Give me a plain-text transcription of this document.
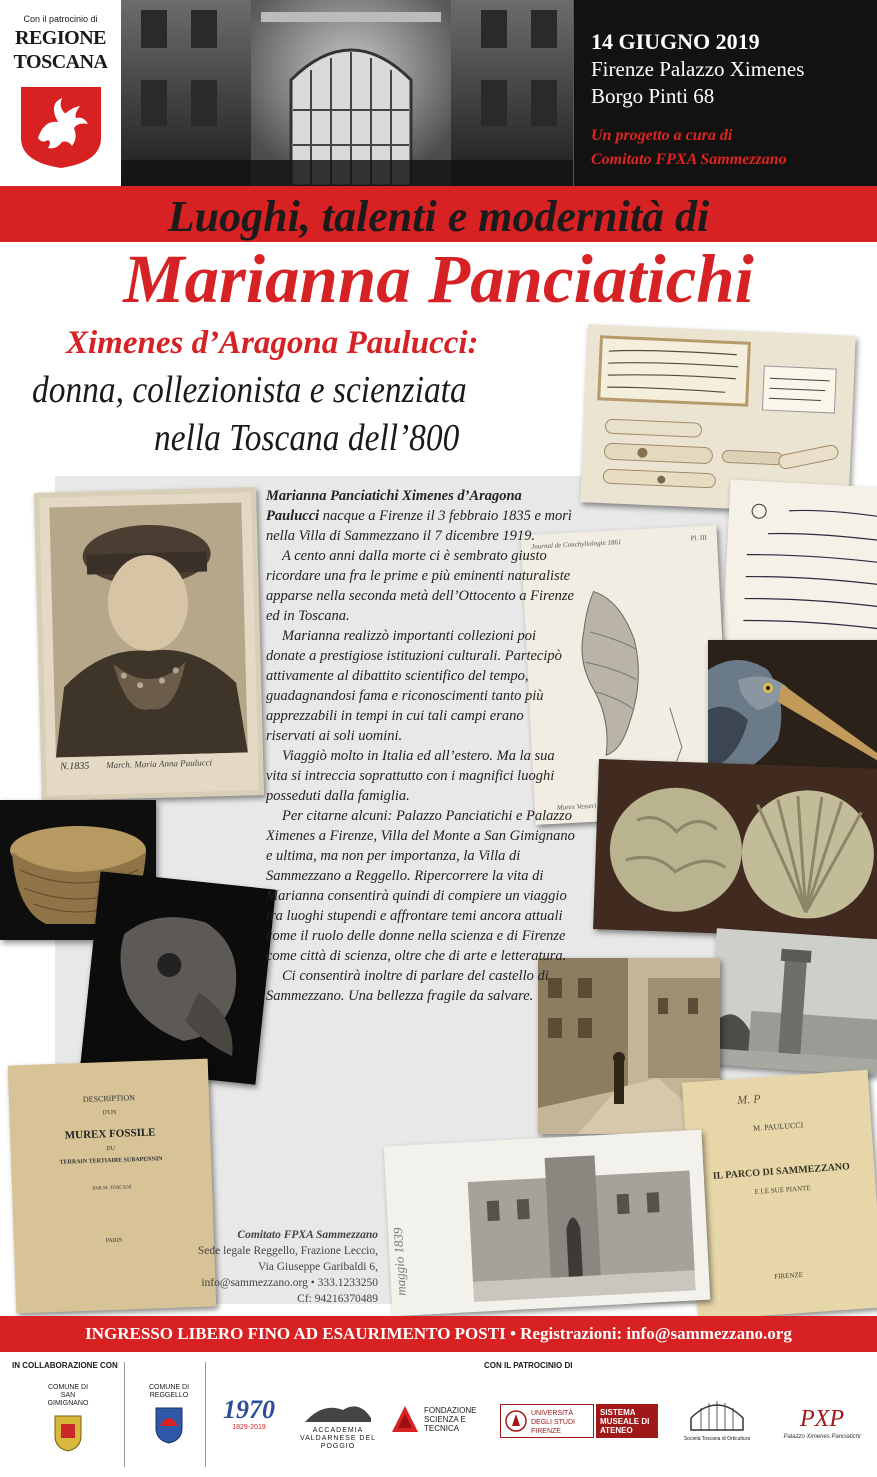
Con il patrocinio di
REGIONE
TOSCANA
14 GIUGNO 2019
Firenze Palazzo Ximenes
Borgo Pinti 68
Un progetto a cura di
Comitato FPXA Sammezzano
Luoghi, talenti e modernità di
Marianna Panciatichi
Ximenes d’Aragona Paulucci:
donna, collezionista e scienziata
nella Toscana dell’800
Journal de Conchyliologie 1861
Pl. III
Murex Vesseri
M. P
M. PAULUCCI
IL PARCO DI SAMMEZZANO
E LE SUE PIANTE
FIRENZE
maggio 1839
N.1835 March. Maria Anna Paulucci
DESCRIPTION
D'UN
MUREX FOSSILE
DU
TERRAIN TERTIAIRE SUBAPENNIN
PAR M. TOSCANI
PARIS

Marianna Panciatichi Ximenes d’Aragona Paulucci nacque a Firenze il 3 febbraio 1835 e morì nella Villa di Sammezzano il 7 dicembre 1919.

A cento anni dalla morte ci è sembrato giusto ricordare una fra le prime e più eminenti naturaliste apparse nella seconda metà dell’Ottocento a Firenze ed in Toscana.

Marianna realizzò importanti collezioni poi donate a prestigiose istituzioni culturali. Partecipò attivamente al dibattito scientifico del tempo, guadagnandosi fama e riconoscimenti tanto più apprezzabili in tempi in cui tali campi erano riservati ai soli uomini.

Viaggiò molto in Italia ed all’estero. Ma la sua vita si intreccia soprattutto con i magnifici luoghi posseduti dalla famiglia.

Per citarne alcuni: Palazzo Panciatichi e Palazzo Ximenes a Firenze, Villa del Monte a San Gimignano e ultima, ma non per importanza, la Villa di Sammezzano a Reggello. Ripercorrere la vita di Marianna consentirà quindi di compiere un viaggio tra luoghi stupendi e affrontare temi ancora attuali come il ruolo delle donne nella scienza e di Firenze come città di scienza, oltre che di arte e letteratura.

Ci consentirà inoltre di parlare del castello di Sammezzano. Una bellezza fragile da salvare.

Comitato FPXA Sammezzano
Sede legale Reggello, Frazione Leccio,
Via Giuseppe Garibaldi 6,
info@sammezzano.org • 333.1233250
Cf: 94216370489
INGRESSO LIBERO FINO AD ESAURIMENTO POSTI • Registrazioni: info@sammezzano.org
IN COLLABORAZIONE CON	CON IL PATROCINIO DI
COMUNE DI SAN GIMIGNANO
COMUNE DI REGGELLO	1970
1829-2019	ACCADEMIA VALDARNESE DEL POGGIO
FONDAZIONE SCIENZA E TECNICA
UNIVERSITÀ DEGLI STUDI FIRENZE
SISTEMA MUSEALE DI ATENEO
Società Toscana di Orticultura
PXP
Palazzo Ximenes Panciatichi
